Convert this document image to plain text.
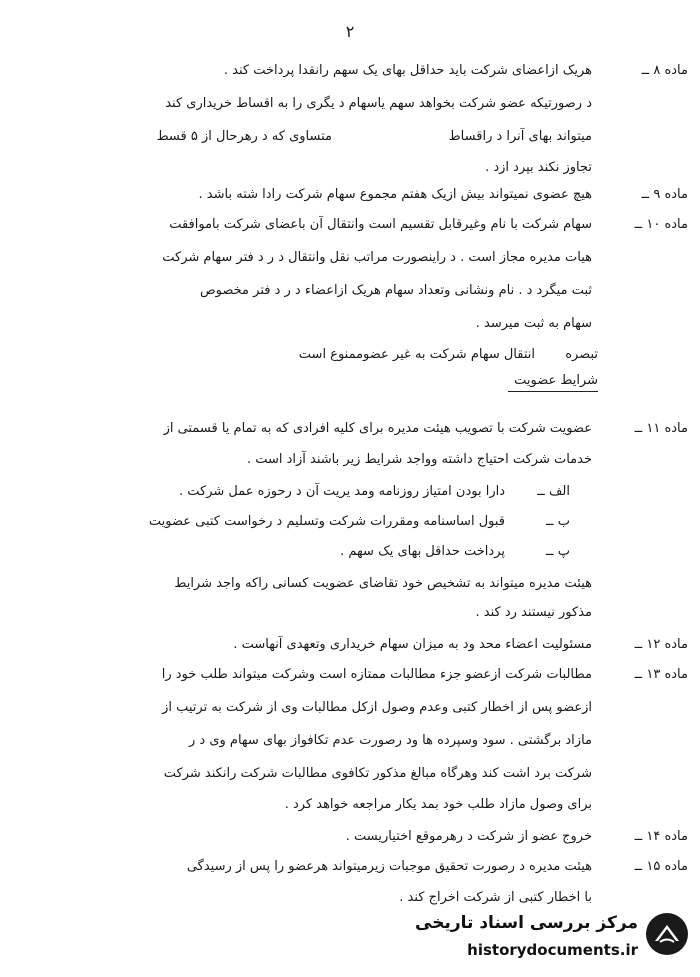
۲
ماده ۸ ــ
هریک ازاعضای شرکت باید حداقل بهای یک سهم رانقدا پرداخت کند .
د رصورتیکه عضو شرکت بخواهد سهم یاسهام د یگری را به اقساط خریداری کند
میتواند بهای آنرا د راقساط
متساوی که د رهرحال از ۵ قسط
تجاوز نکند بپرد ازد .
ماده ۹ ــ
هیچ عضوی نمیتواند بیش ازیک هفتم مجموع سهام شرکت رادا شته باشد .
ماده ۱۰ ــ
سهام شرکت با نام وغیرقابل تقسیم است وانتقال آن باعضای شرکت باموافقت
هیات مدیره مجاز است . د راینصورت مراتب نقل وانتقال د ر د فتر سهام شرکت
ثبت میگرد د . نام ونشانی وتعداد سهام هریک ازاعضاء د ر د فتر مخصوص
سهام به ثبت میرسد .
تبصره
انتقال سهام شرکت به غیر عضوممنوع است
شرایط عضویت
ماده ۱۱ ــ
عضویت شرکت با تصویب هیئت مدیره برای کلیه افرادی که به تمام یا قسمتی از
خدمات شرکت احتیاج داشته وواجد شرایط زیر باشند آزاد است .
الف ــ
دارا بودن امتیاز روزنامه ومد یریت آن د رحوزه عمل شرکت .
ب ــ
قبول اساسنامه ومقررات شرکت وتسلیم د رخواست کتبی عضویت
پ ــ
پرداخت حداقل بهای یک سهم .
هیئت مدیره میتواند به تشخیص خود تقاضای عضویت کسانی راکه واجد شرایط
مذکور نیستند رد کند .
ماده ۱۲ ــ
مسئولیت اعضاء محد ود به میزان سهام خریداری وتعهدی آنهاست .
ماده ۱۳ ــ
مطالبات شرکت ازعضو جزء مطالبات ممتازه است وشرکت میتواند طلب خود را
ازعضو پس از اخطار کتبی وعدم وصول ازکل مطالبات وی از شرکت به ترتیب از
مازاد برگشتی . سود وسپرده ها ود رصورت عدم تکافواز بهای سهام وی د ر
شرکت برد اشت کند وهرگاه مبالغ مذکور تکافوی مطالبات شرکت رانکند شرکت
برای وصول مازاد طلب خود بمد یکار مراجعه خواهد کرد .
ماده ۱۴ ــ
خروج عضو از شرکت د رهرموقع اختیاریست .
ماده ۱۵ ــ
هیئت مدیره د رصورت تحقیق موجبات زیرمیتواند هرعضو را پس از رسیدگی
با اخطار کتبی از شرکت اخراج کند .
مرکز بررسی اسناد تاریخی
historydocuments.ir
